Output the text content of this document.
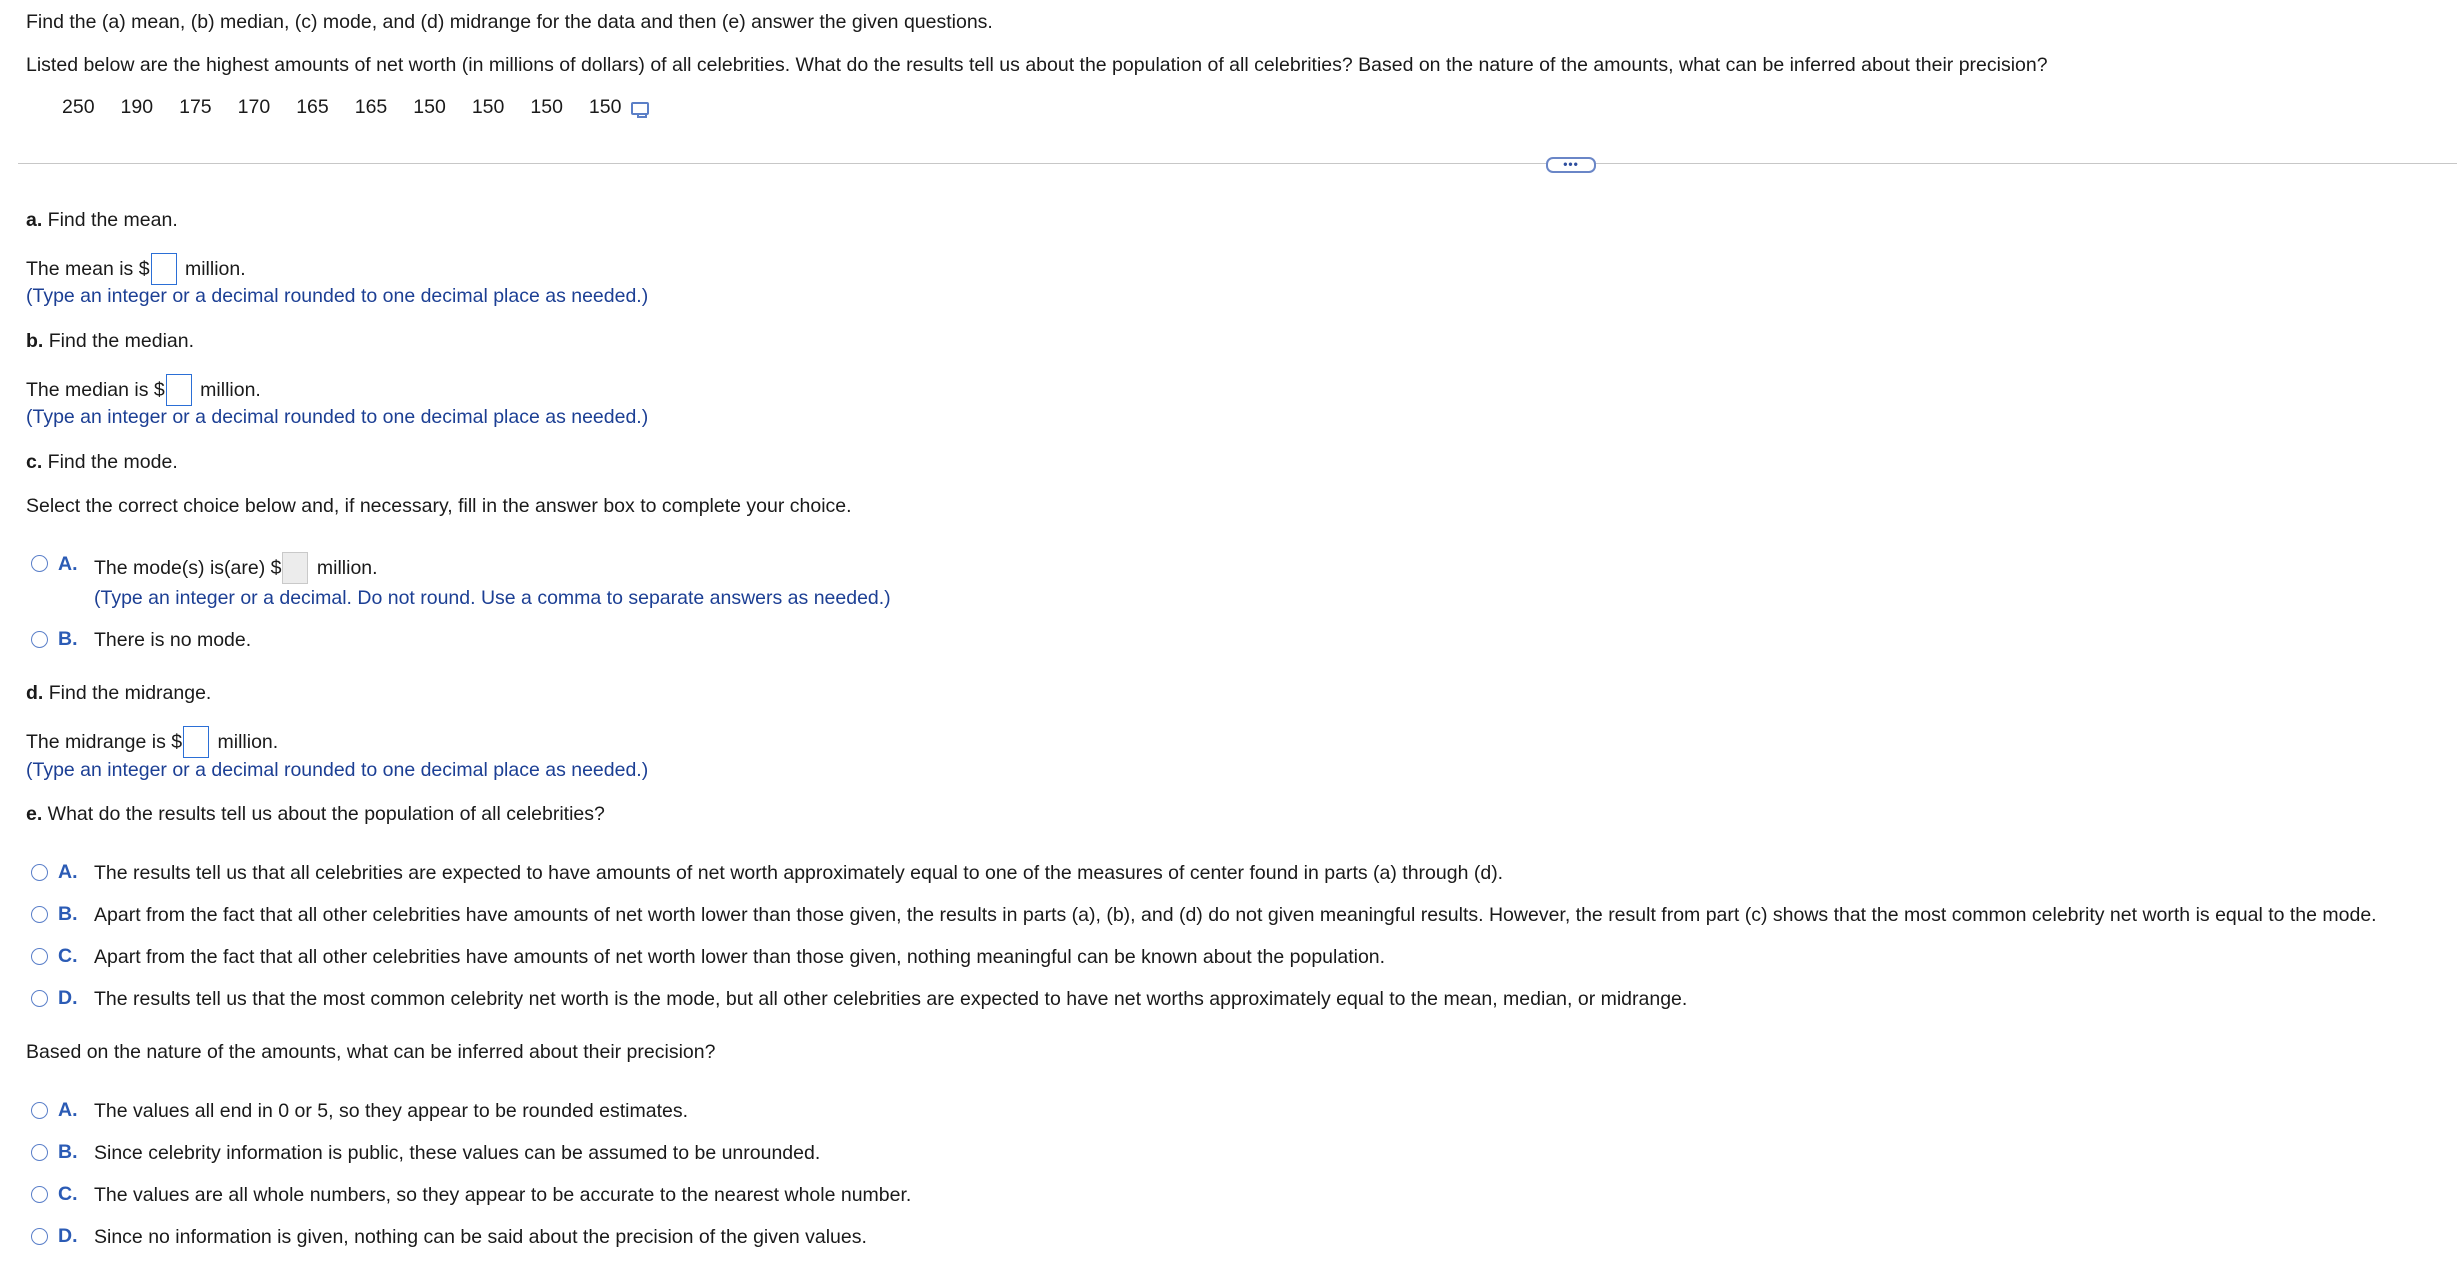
Find the (a) mean, (b) median, (c) mode, and (d) midrange for the data and then (e) answer the given questions.
Listed below are the highest amounts of net worth (in millions of dollars) of all celebrities. What do the results tell us about the population of all celebrities? Based on the nature of the amounts, what can be inferred about their precision?
250 190 175 170 165 165 150 150 150 150
•••
a. Find the mean.
The mean is $ million.
(Type an integer or a decimal rounded to one decimal place as needed.)
b. Find the median.
The median is $ million.
(Type an integer or a decimal rounded to one decimal place as needed.)
c. Find the mode.
Select the correct choice below and, if necessary, fill in the answer box to complete your choice.
A. The mode(s) is(are) $ million.
(Type an integer or a decimal. Do not round. Use a comma to separate answers as needed.)
B. There is no mode.
d. Find the midrange.
The midrange is $ million.
(Type an integer or a decimal rounded to one decimal place as needed.)
e. What do the results tell us about the population of all celebrities?
A. The results tell us that all celebrities are expected to have amounts of net worth approximately equal to one of the measures of center found in parts (a) through (d).
B. Apart from the fact that all other celebrities have amounts of net worth lower than those given, the results in parts (a), (b), and (d) do not given meaningful results. However, the result from part (c) shows that the most common celebrity net worth is equal to the mode.
C. Apart from the fact that all other celebrities have amounts of net worth lower than those given, nothing meaningful can be known about the population.
D. The results tell us that the most common celebrity net worth is the mode, but all other celebrities are expected to have net worths approximately equal to the mean, median, or midrange.
Based on the nature of the amounts, what can be inferred about their precision?
A. The values all end in 0 or 5, so they appear to be rounded estimates.
B. Since celebrity information is public, these values can be assumed to be unrounded.
C. The values are all whole numbers, so they appear to be accurate to the nearest whole number.
D. Since no information is given, nothing can be said about the precision of the given values.
